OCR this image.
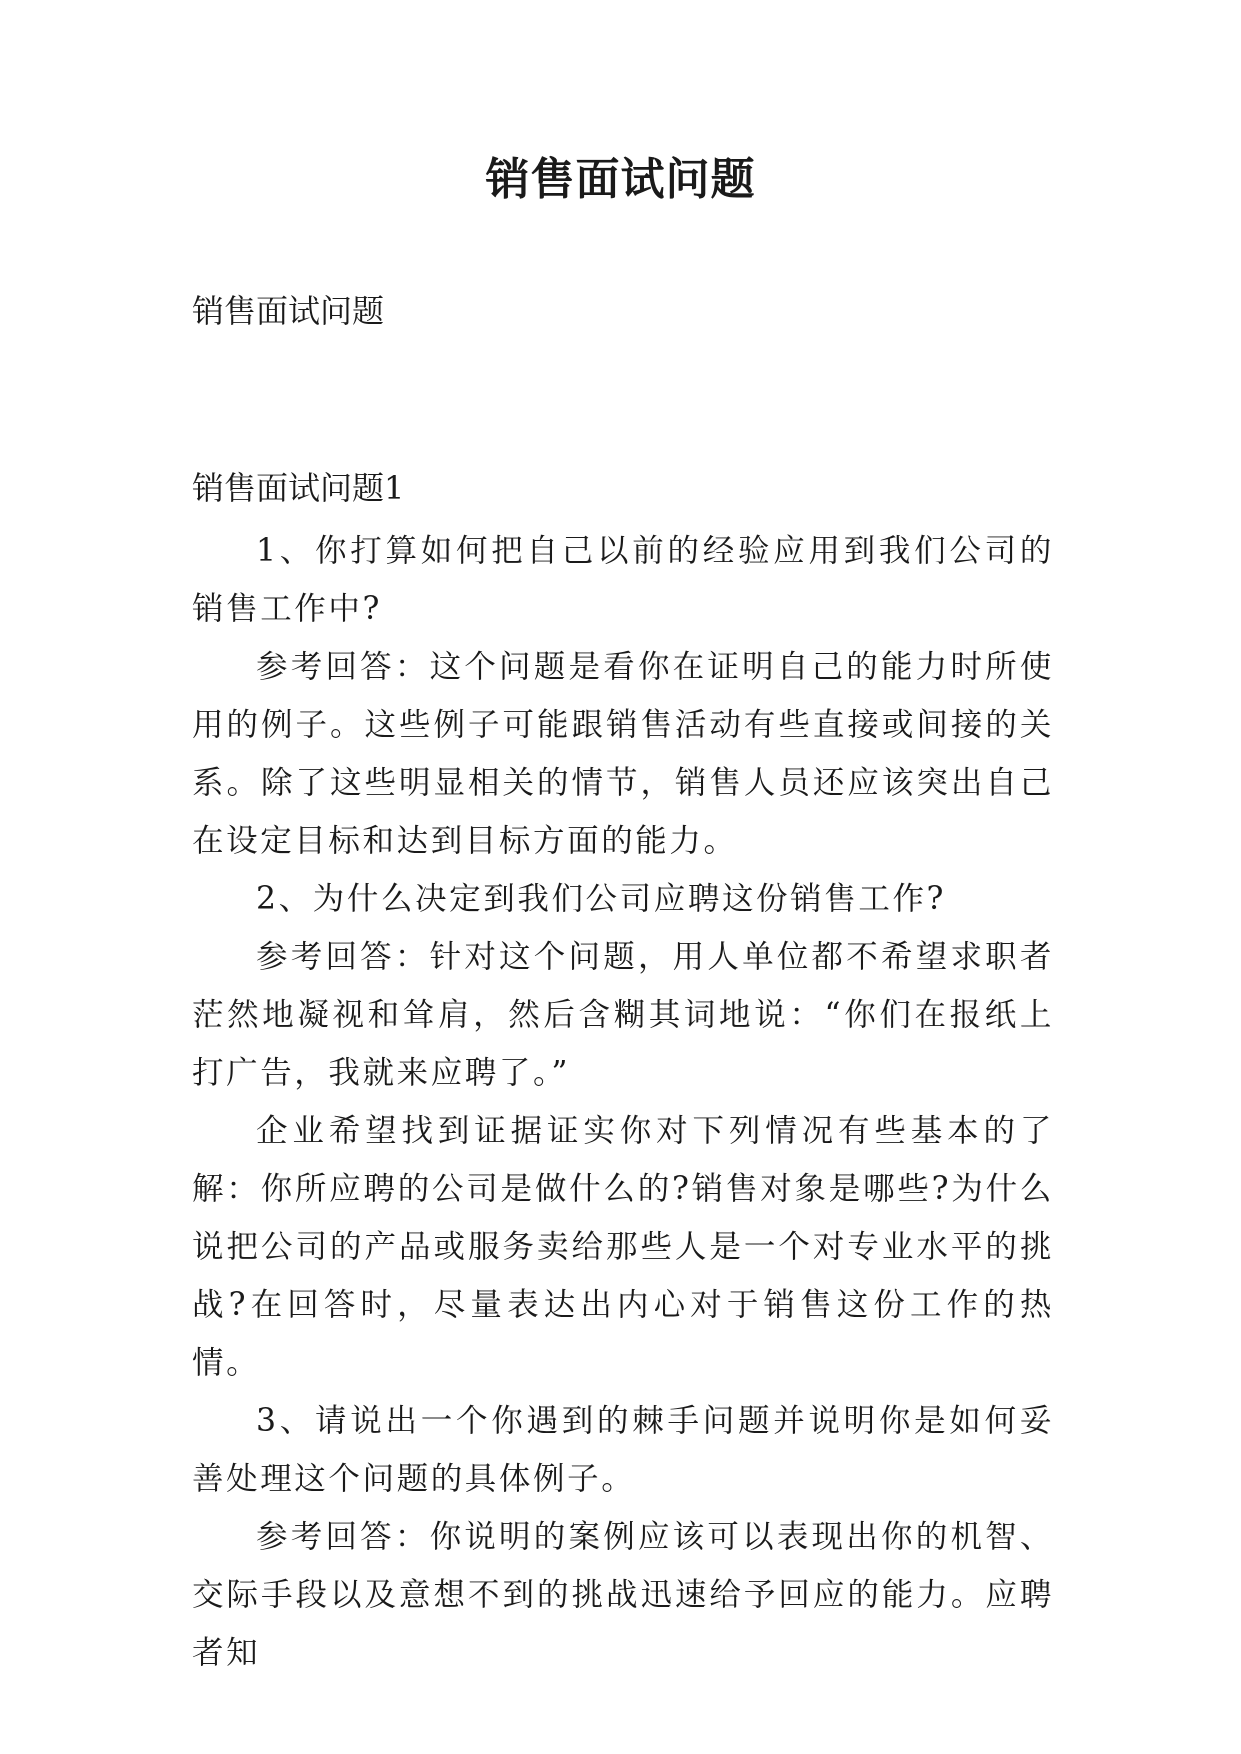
销售面试问题
销售面试问题
销售面试问题1

1、你打算如何把自己以前的经验应用到我们公司的销售工作中?

参考回答：这个问题是看你在证明自己的能力时所使用的例子。这些例子可能跟销售活动有些直接或间接的关系。除了这些明显相关的情节，销售人员还应该突出自己在设定目标和达到目标方面的能力。

2、为什么决定到我们公司应聘这份销售工作?

参考回答：针对这个问题，用人单位都不希望求职者茫然地凝视和耸肩，然后含糊其词地说：“你们在报纸上打广告，我就来应聘了。”

企业希望找到证据证实你对下列情况有些基本的了解：你所应聘的公司是做什么的?销售对象是哪些?为什么说把公司的产品或服务卖给那些人是一个对专业水平的挑战?在回答时，尽量表达出内心对于销售这份工作的热情。

3、请说出一个你遇到的棘手问题并说明你是如何妥善处理这个问题的具体例子。

参考回答：你说明的案例应该可以表现出你的机智、交际手段以及意想不到的挑战迅速给予回应的能力。应聘者知
